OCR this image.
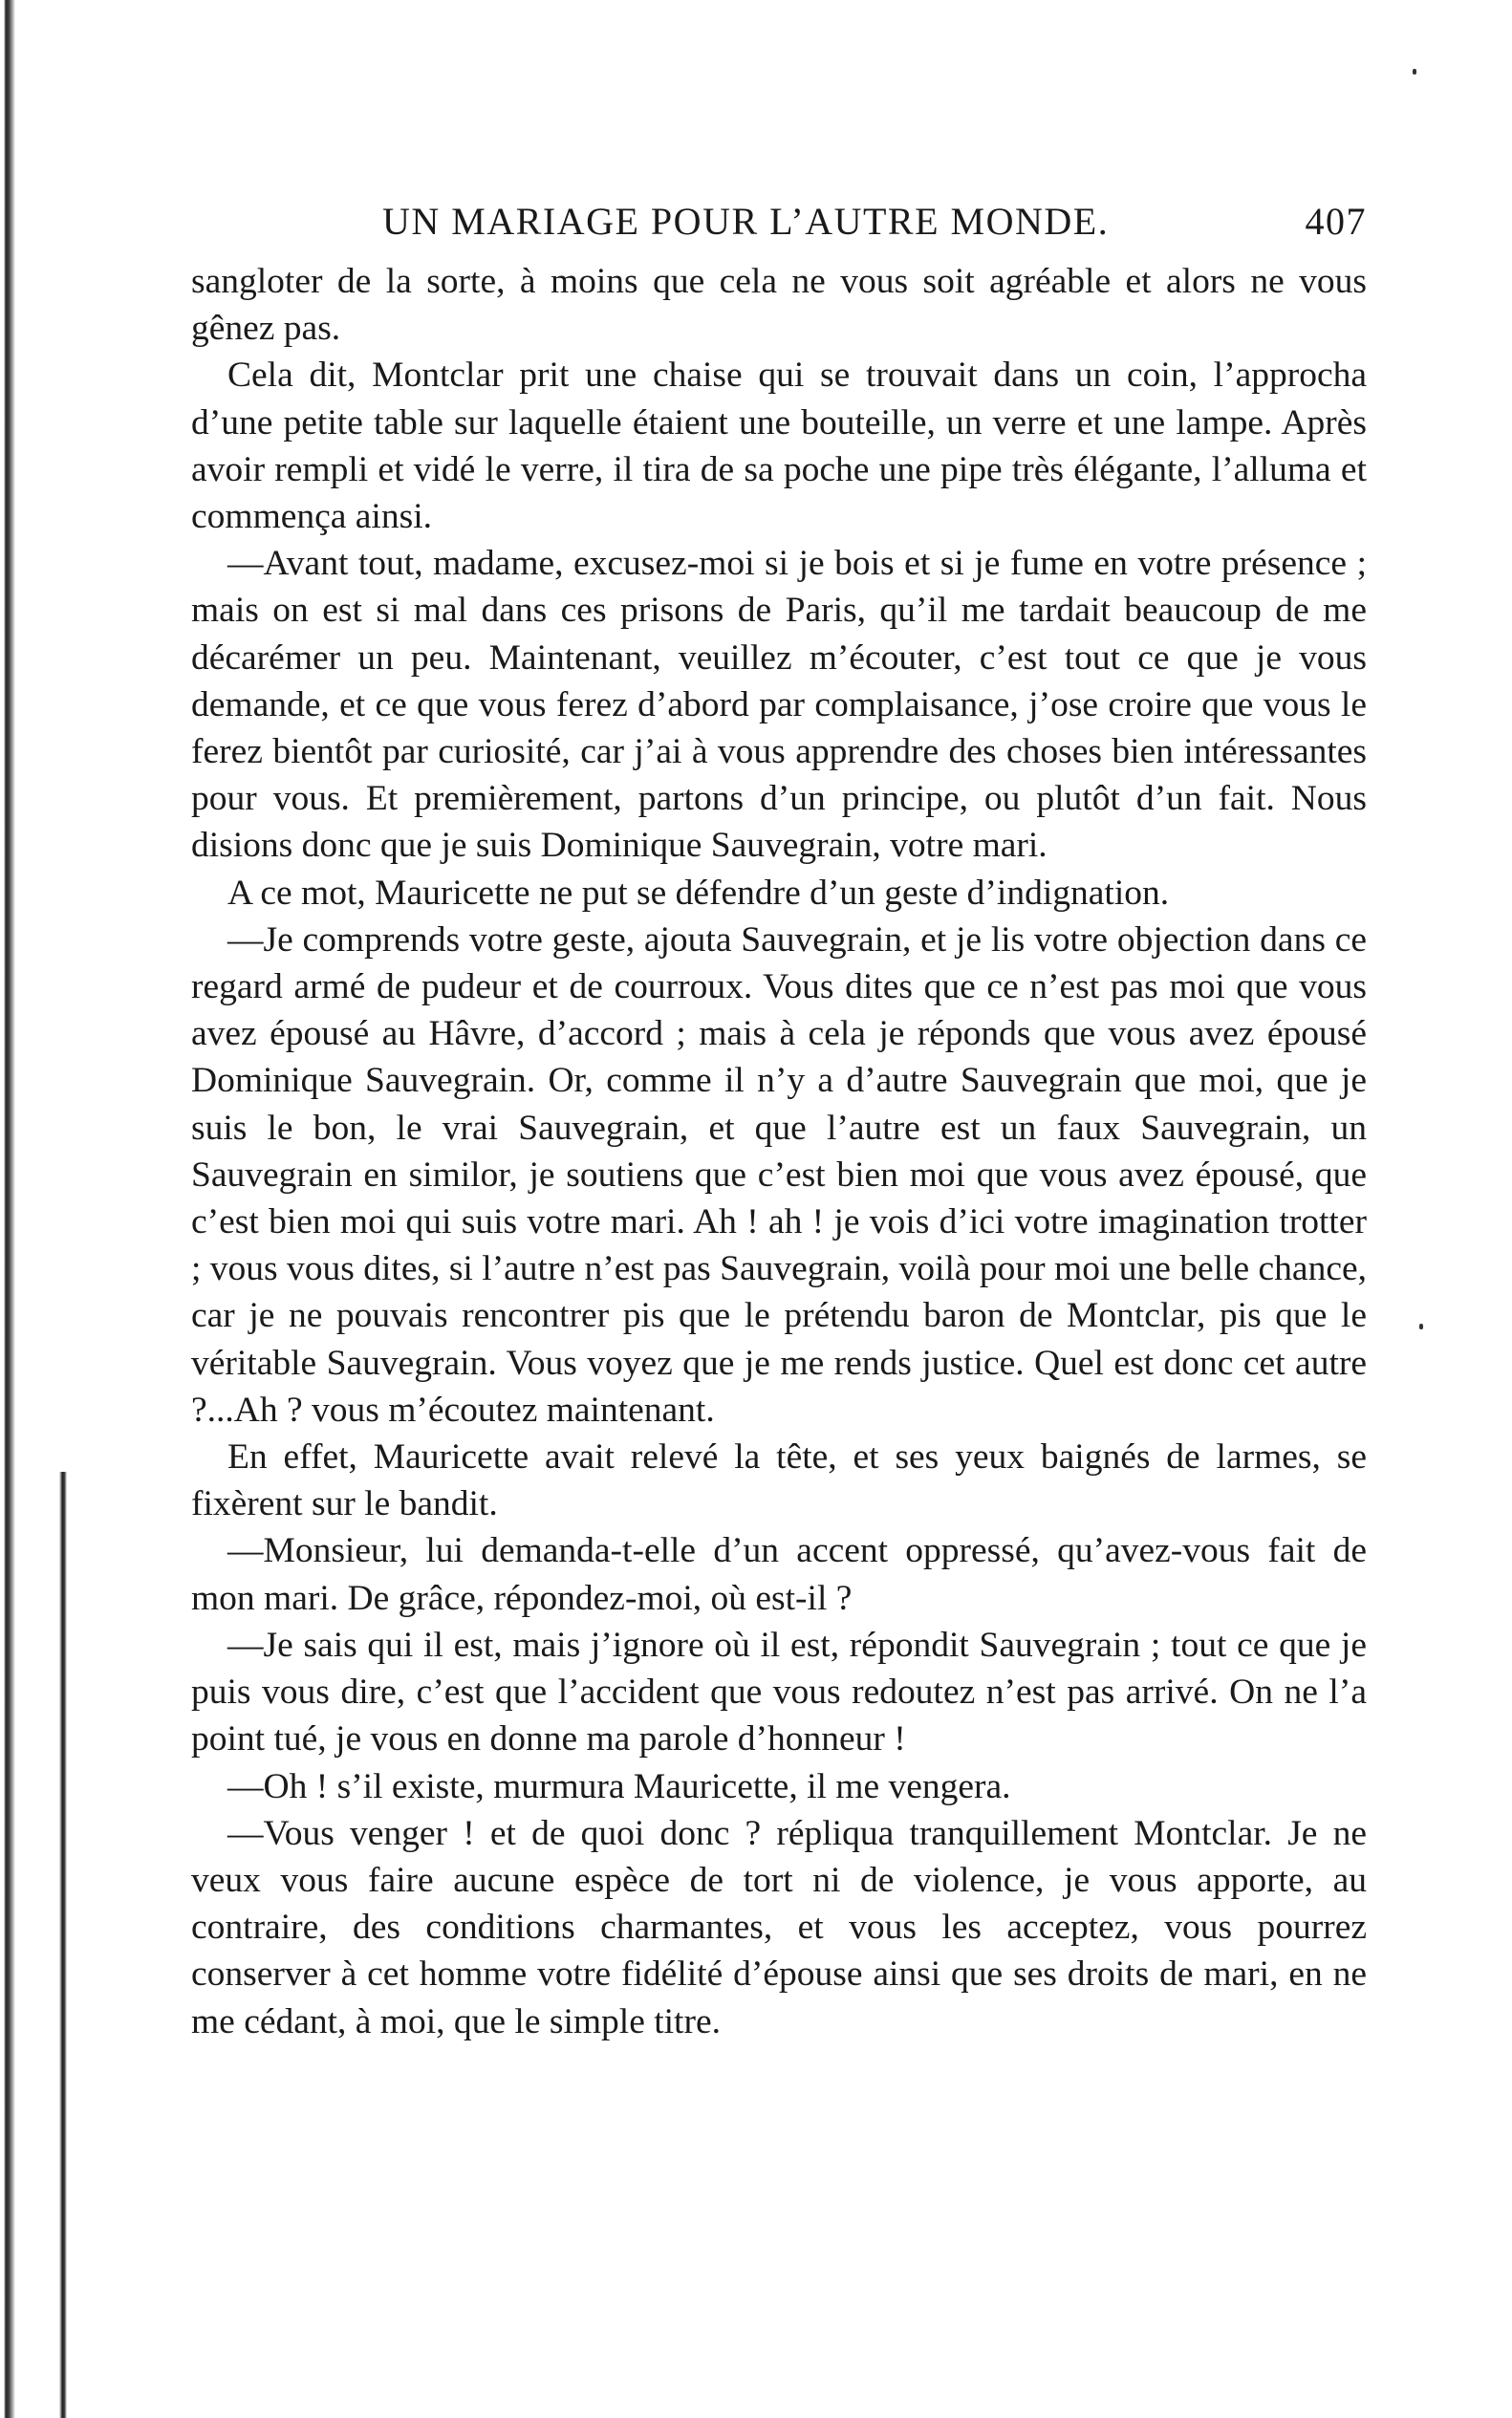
UN MARIAGE POUR L’AUTRE MONDE.	407

sangloter de la sorte, à moins que cela ne vous soit agréable et alors ne vous gênez pas.

Cela dit, Montclar prit une chaise qui se trouvait dans un coin, l’approcha d’une petite table sur laquelle étaient une bouteille, un verre et une lampe. Après avoir rempli et vidé le verre, il tira de sa poche une pipe très élégante, l’alluma et commença ainsi.

—Avant tout, madame, excusez-moi si je bois et si je fume en votre présence ; mais on est si mal dans ces prisons de Paris, qu’il me tardait beaucoup de me décarémer un peu. Maintenant, veuillez m’écouter, c’est tout ce que je vous demande, et ce que vous ferez d’abord par complaisance, j’ose croire que vous le ferez bientôt par curiosité, car j’ai à vous apprendre des choses bien intéressantes pour vous. Et premièrement, partons d’un principe, ou plutôt d’un fait. Nous disions donc que je suis Dominique Sauvegrain, votre mari.

A ce mot, Mauricette ne put se défendre d’un geste d’indignation.

—Je comprends votre geste, ajouta Sauvegrain, et je lis votre objection dans ce regard armé de pudeur et de courroux. Vous dites que ce n’est pas moi que vous avez épousé au Hâvre, d’accord ; mais à cela je réponds que vous avez épousé Dominique Sauvegrain. Or, comme il n’y a d’autre Sauvegrain que moi, que je suis le bon, le vrai Sauvegrain, et que l’autre est un faux Sauvegrain, un Sauvegrain en similor, je soutiens que c’est bien moi que vous avez épousé, que c’est bien moi qui suis votre mari. Ah ! ah ! je vois d’ici votre imagination trotter ; vous vous dites, si l’autre n’est pas Sauvegrain, voilà pour moi une belle chance, car je ne pouvais rencontrer pis que le prétendu baron de Montclar, pis que le véritable Sauvegrain. Vous voyez que je me rends justice. Quel est donc cet autre ?...Ah ? vous m’écoutez maintenant.

En effet, Mauricette avait relevé la tête, et ses yeux baignés de larmes, se fixèrent sur le bandit.

—Monsieur, lui demanda-t-elle d’un accent oppressé, qu’avez-vous fait de mon mari. De grâce, répondez-moi, où est-il ?

—Je sais qui il est, mais j’ignore où il est, répondit Sauvegrain ; tout ce que je puis vous dire, c’est que l’accident que vous redoutez n’est pas arrivé. On ne l’a point tué, je vous en donne ma parole d’honneur !

—Oh ! s’il existe, murmura Mauricette, il me vengera.

—Vous venger ! et de quoi donc ? répliqua tranquillement Montclar. Je ne veux vous faire aucune espèce de tort ni de violence, je vous apporte, au contraire, des conditions charmantes, et vous les acceptez, vous pourrez conserver à cet homme votre fidélité d’épouse ainsi que ses droits de mari, en ne me cédant, à moi, que le simple titre.
